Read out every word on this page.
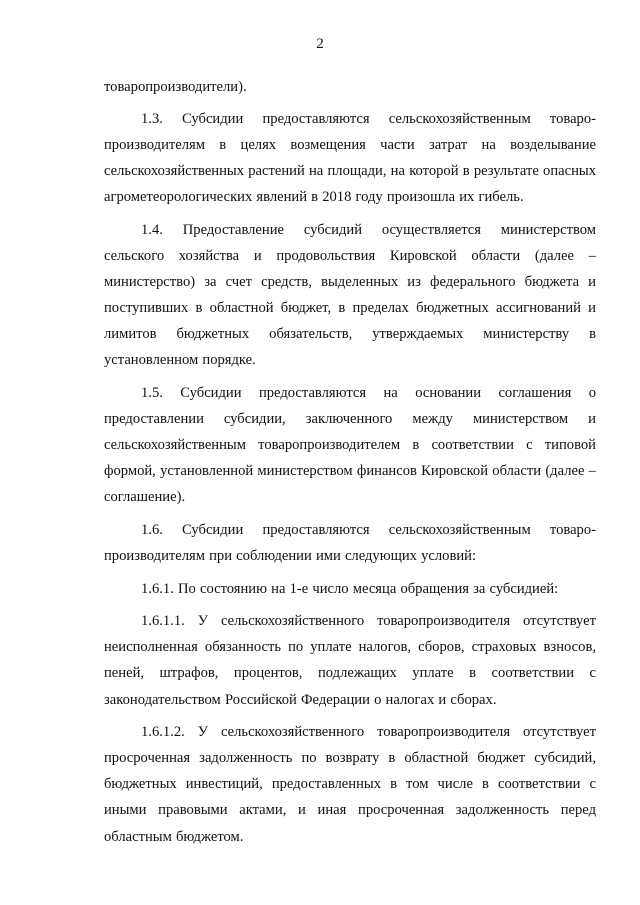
2

товаропроизводители).

1.3. Субсидии предоставляются сельскохозяйственным товаро-производителям в целях возмещения части затрат на возделывание сельскохозяйственных растений на площади, на которой в результате опасных агрометеорологических явлений в 2018 году произошла их гибель.

1.4. Предоставление субсидий осуществляется министерством сельского хозяйства и продовольствия Кировской области (далее – министерство) за счет средств, выделенных из федерального бюджета и поступивших в областной бюджет, в пределах бюджетных ассигнований и лимитов бюджетных обязательств, утверждаемых министерству в установленном порядке.

1.5. Субсидии предоставляются на основании соглашения о предоставлении субсидии, заключенного между министерством и сельскохозяйственным товаропроизводителем в соответствии с типовой формой, установленной министерством финансов Кировской области (далее – соглашение).

1.6. Субсидии предоставляются сельскохозяйственным товаро-производителям при соблюдении ими следующих условий:

1.6.1. По состоянию на 1-е число месяца обращения за субсидией:

1.6.1.1. У сельскохозяйственного товаропроизводителя отсутствует неисполненная обязанность по уплате налогов, сборов, страховых взносов, пеней, штрафов, процентов, подлежащих уплате в соответствии с законодательством Российской Федерации о налогах и сборах.

1.6.1.2. У сельскохозяйственного товаропроизводителя отсутствует просроченная задолженность по возврату в областной бюджет субсидий, бюджетных инвестиций, предоставленных в том числе в соответствии с иными правовыми актами, и иная просроченная задолженность перед областным бюджетом.
